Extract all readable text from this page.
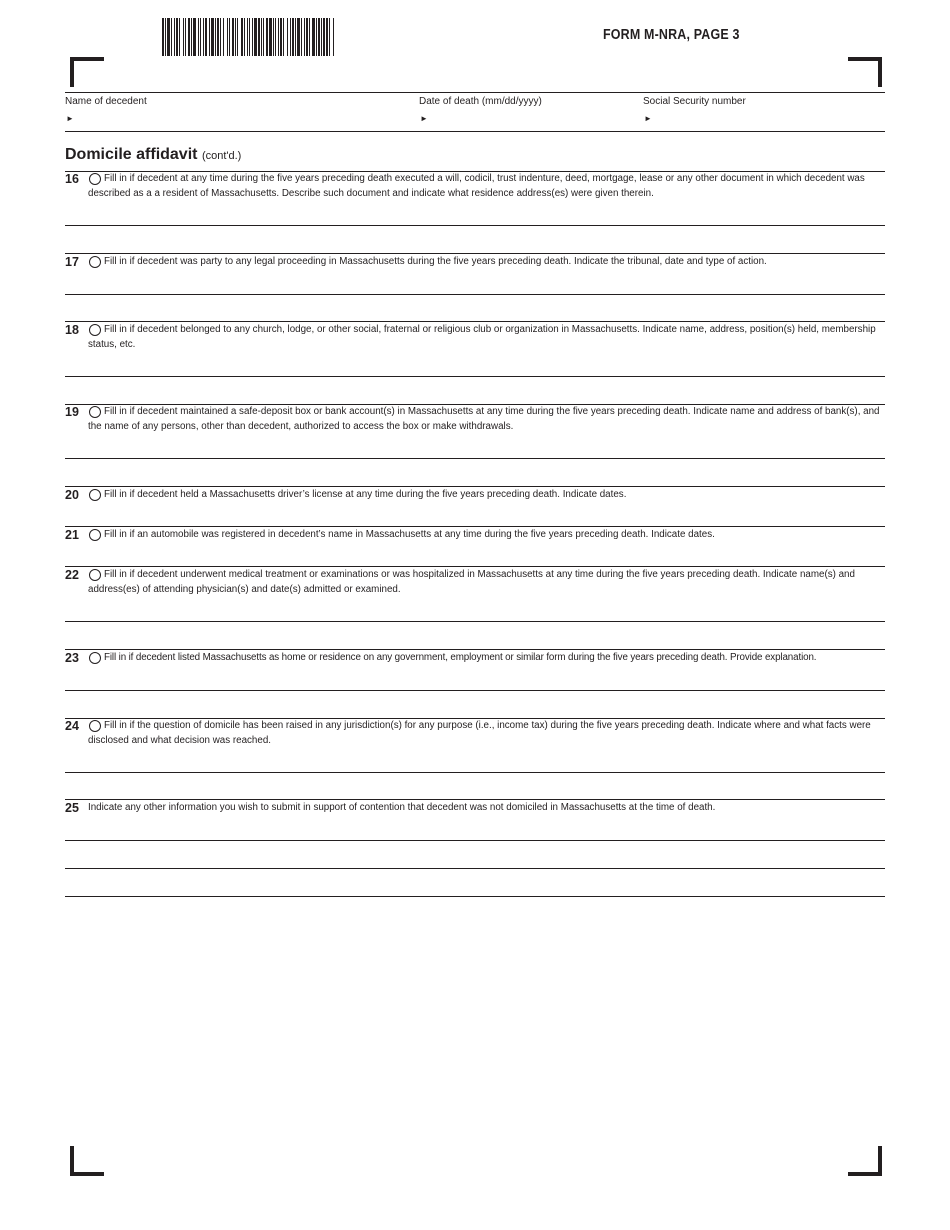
FORM M-NRA, PAGE 3
Name of decedent	Date of death (mm/dd/yyyy)	Social Security number
►	►	►
Domicile affidavit (cont'd.)
16	Fill in if decedent at any time during the five years preceding death executed a will, codicil, trust indenture, deed, mortgage, lease or any other document in which decedent was described as a a resident of Massachusetts. Describe such document and indicate what residence address(es) were given therein.
17	Fill in if decedent was party to any legal proceeding in Massachusetts during the five years preceding death. Indicate the tribunal, date and type of action.
18	Fill in if decedent belonged to any church, lodge, or other social, fraternal or religious club or organization in Massachusetts. Indicate name, address, position(s) held, membership status, etc.
19	Fill in if decedent maintained a safe-deposit box or bank account(s) in Massachusetts at any time during the five years preceding death. Indicate name and address of bank(s), and the name of any persons, other than decedent, authorized to access the box or make withdrawals.
20	Fill in if decedent held a Massachusetts driver’s license at any time during the five years preceding death. Indicate dates.
21	Fill in if an automobile was registered in decedent’s name in Massachusetts at any time during the five years preceding death. Indicate dates.
22	Fill in if decedent underwent medical treatment or examinations or was hospitalized in Massachusetts at any time during the five years preceding death. Indicate name(s) and address(es) of attending physician(s) and date(s) admitted or examined.
23	Fill in if decedent listed Massachusetts as home or residence on any government, employment or similar form during the five years preceding death. Provide explanation.
24	Fill in if the question of domicile has been raised in any jurisdiction(s) for any purpose (i.e., income tax) during the five years preceding death. Indicate where and what facts were disclosed and what decision was reached.
25 Indicate any other information you wish to submit in support of contention that decedent was not domiciled in Massachusetts at the time of death.
